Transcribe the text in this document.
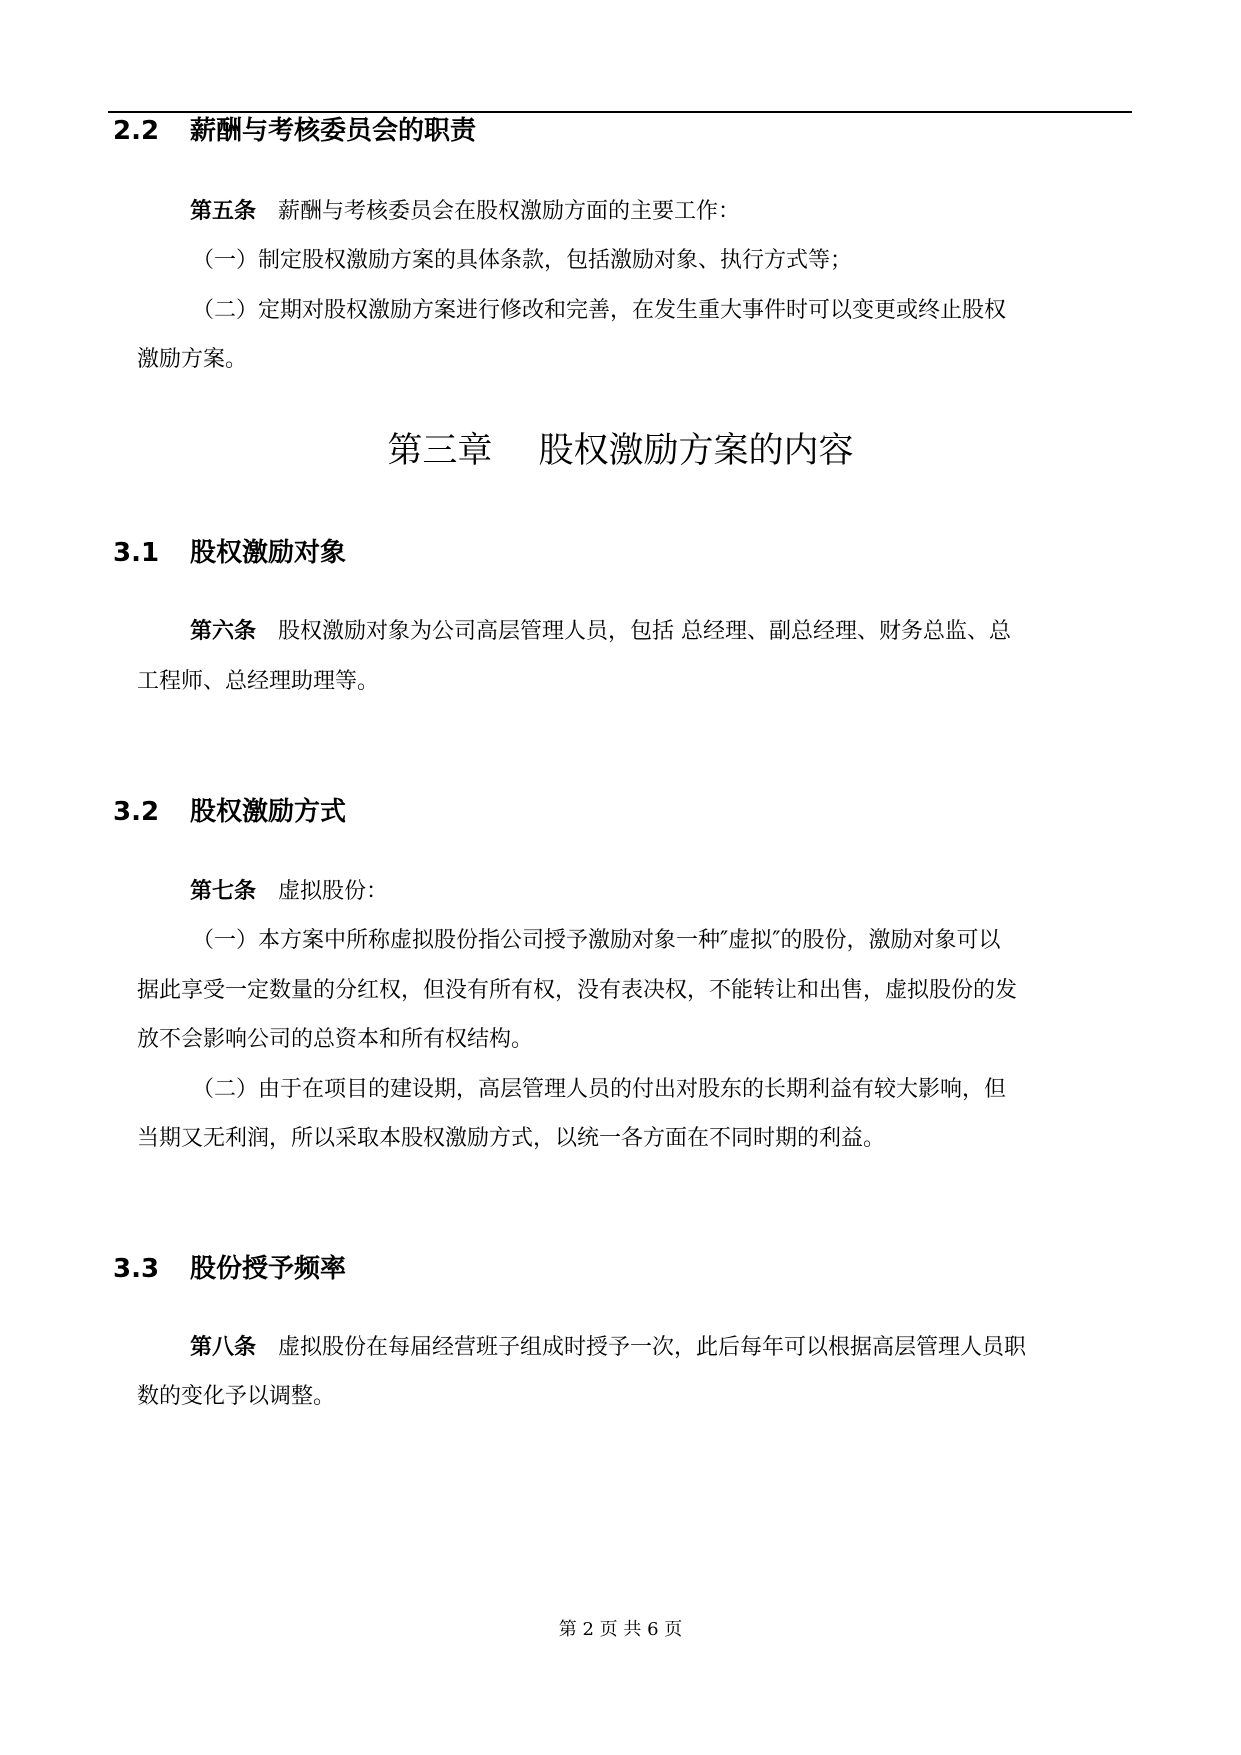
2.2 薪酬与考核委员会的职责
第五条 薪酬与考核委员会在股权激励方面的主要工作：
（一）制定股权激励方案的具体条款，包括激励对象、执行方式等；
（二）定期对股权激励方案进行修改和完善，在发生重大事件时可以变更或终止股权
激励方案。
第三章　 股权激励方案的内容
3.1 股权激励对象
第六条 股权激励对象为公司高层管理人员，包括 总经理、副总经理、财务总监、总
工程师、总经理助理等。
3.2 股权激励方式
第七条 虚拟股份：
（一）本方案中所称虚拟股份指公司授予激励对象一种″虚拟″的股份，激励对象可以
据此享受一定数量的分红权，但没有所有权，没有表决权，不能转让和出售，虚拟股份的发
放不会影响公司的总资本和所有权结构。
（二）由于在项目的建设期，高层管理人员的付出对股东的长期利益有较大影响，但
当期又无利润，所以采取本股权激励方式，以统一各方面在不同时期的利益。
3.3 股份授予频率
第八条 虚拟股份在每届经营班子组成时授予一次，此后每年可以根据高层管理人员职
数的变化予以调整。
第 2 页 共 6 页
